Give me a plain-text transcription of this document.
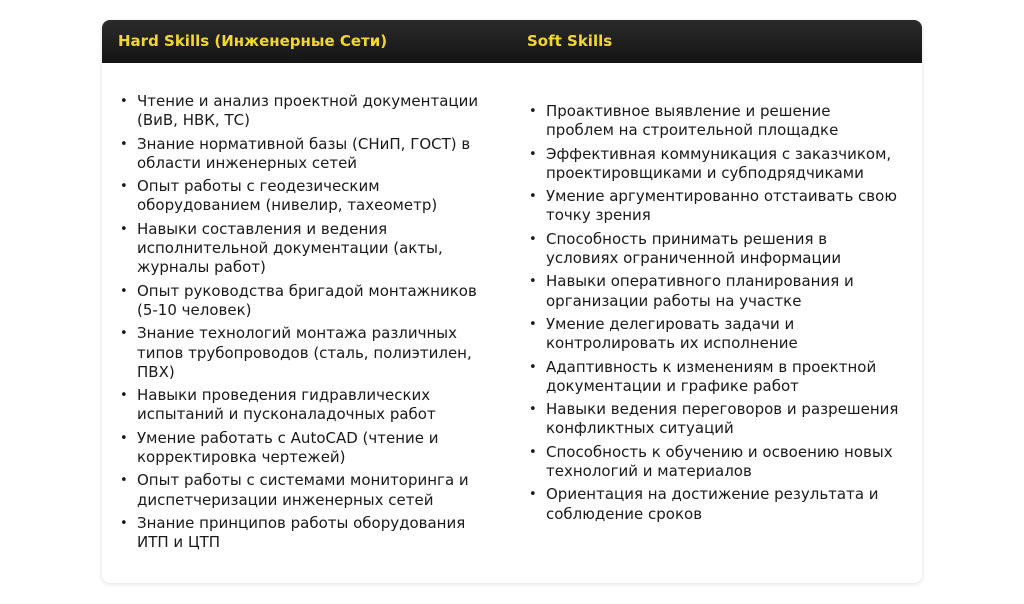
Hard Skills (Инженерные Сети)	Soft Skills
• Чтение и анализ проектной документации (ВиВ, НВК, ТС)
• Знание нормативной базы (СНиП, ГОСТ) в области инженерных сетей
• Опыт работы с геодезическим оборудованием (нивелир, тахеометр)
• Навыки составления и ведения исполнительной документации (акты, журналы работ)
• Опыт руководства бригадой монтажников (5-10 человек)
• Знание технологий монтажа различных типов трубопроводов (сталь, полиэтилен, ПВХ)
• Навыки проведения гидравлических испытаний и пусконаладочных работ
• Умение работать с AutoCAD (чтение и корректировка чертежей)
• Опыт работы с системами мониторинга и диспетчеризации инженерных сетей
• Знание принципов работы оборудования ИТП и ЦТП
• Проактивное выявление и решение проблем на строительной площадке
• Эффективная коммуникация с заказчиком, проектировщиками и субподрядчиками
• Умение аргументированно отстаивать свою точку зрения
• Способность принимать решения в условиях ограниченной информации
• Навыки оперативного планирования и организации работы на участке
• Умение делегировать задачи и контролировать их исполнение
• Адаптивность к изменениям в проектной документации и графике работ
• Навыки ведения переговоров и разрешения конфликтных ситуаций
• Способность к обучению и освоению новых технологий и материалов
• Ориентация на достижение результата и соблюдение сроков
